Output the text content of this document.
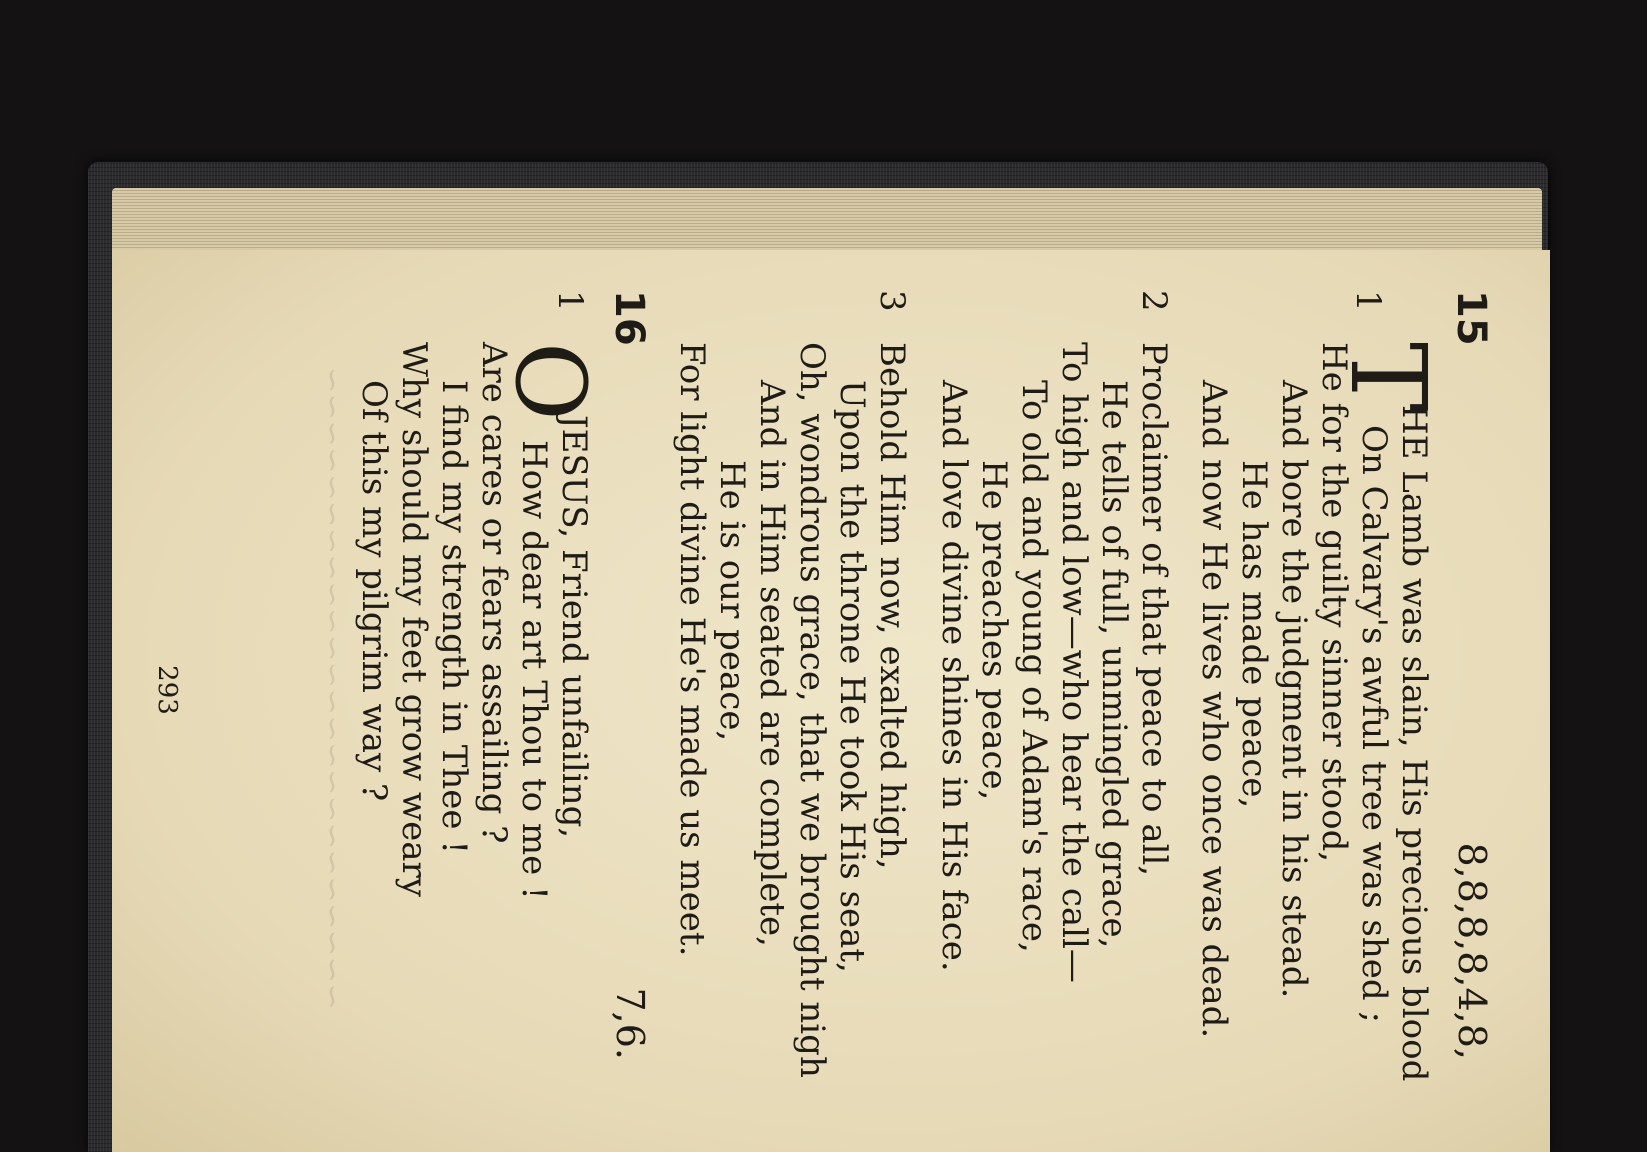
~~~~~~~~~~~~~~~~~~~~~~~~
15
8,8,8,8,4,8,
1
T
HE Lamb was slain, His precious blood
On Calvary's awful tree was shed ;
He for the guilty sinner stood,
And bore the judgment in his stead.
He has made peace,
And now He lives who once was dead.
2
Proclaimer of that peace to all,
He tells of full, unmingled grace,
To high and low—who hear the call—
To old and young of Adam's race,
He preaches peace,
And love divine shines in His face.
3
Behold Him now, exalted high,
Upon the throne He took His seat,
Oh, wondrous grace, that we brought nigh
And in Him seated are complete,
He is our peace,
For light divine He's made us meet.
16
7,6.
1
O
JESUS, Friend unfailing,
How dear art Thou to me !
Are cares or fears assailing ?
I find my strength in Thee !
Why should my feet grow weary
Of this my pilgrim way ?
293
